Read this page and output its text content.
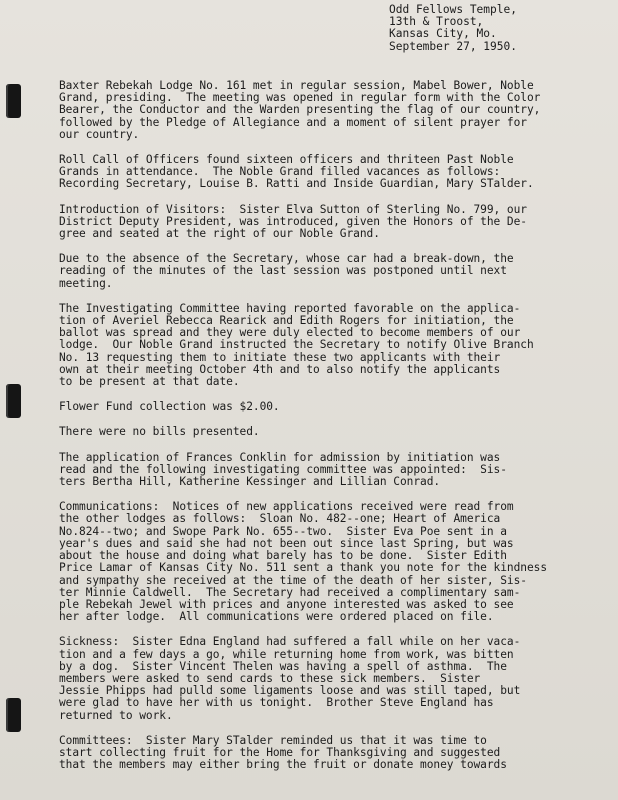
Odd Fellows Temple,
13th & Troost,
Kansas City, Mo.
September 27, 1950.
Baxter Rebekah Lodge No. 161 met in regular session, Mabel Bower, Noble
Grand, presiding.  The meeting was opened in regular form with the Color
Bearer, the Conductor and the Warden presenting the flag of our country,
followed by the Pledge of Allegiance and a moment of silent prayer for
our country.
Roll Call of Officers found sixteen officers and thriteen Past Noble
Grands in attendance.  The Noble Grand filled vacances as follows:
Recording Secretary, Louise B. Ratti and Inside Guardian, Mary STalder.
Introduction of Visitors:  Sister Elva Sutton of Sterling No. 799, our
District Deputy President, was introduced, given the Honors of the De-
gree and seated at the right of our Noble Grand.
Due to the absence of the Secretary, whose car had a break-down, the
reading of the minutes of the last session was postponed until next
meeting.
The Investigating Committee having reported favorable on the applica-
tion of Averiel Rebecca Rearick and Edith Rogers for initiation, the
ballot was spread and they were duly elected to become members of our
lodge.  Our Noble Grand instructed the Secretary to notify Olive Branch
No. 13 requesting them to initiate these two applicants with their
own at their meeting October 4th and to also notify the applicants
to be present at that date.
Flower Fund collection was $2.00.
There were no bills presented.
The application of Frances Conklin for admission by initiation was
read and the following investigating committee was appointed:  Sis-
ters Bertha Hill, Katherine Kessinger and Lillian Conrad.
Communications:  Notices of new applications received were read from
the other lodges as follows:  Sloan No. 482--one; Heart of America
No.824--two; and Swope Park No. 655--two.  Sister Eva Poe sent in a
year's dues and said she had not been out since last Spring, but was
about the house and doing what barely has to be done.  Sister Edith
Price Lamar of Kansas City No. 511 sent a thank you note for the kindness
and sympathy she received at the time of the death of her sister, Sis-
ter Minnie Caldwell.  The Secretary had received a complimentary sam-
ple Rebekah Jewel with prices and anyone interested was asked to see
her after lodge.  All communications were ordered placed on file.
Sickness:  Sister Edna England had suffered a fall while on her vaca-
tion and a few days a go, while returning home from work, was bitten
by a dog.  Sister Vincent Thelen was having a spell of asthma.  The
members were asked to send cards to these sick members.  Sister
Jessie Phipps had pulld some ligaments loose and was still taped, but
were glad to have her with us tonight.  Brother Steve England has
returned to work.
Committees:  Sister Mary STalder reminded us that it was time to
start collecting fruit for the Home for Thanksgiving and suggested
that the members may either bring the fruit or donate money towards
